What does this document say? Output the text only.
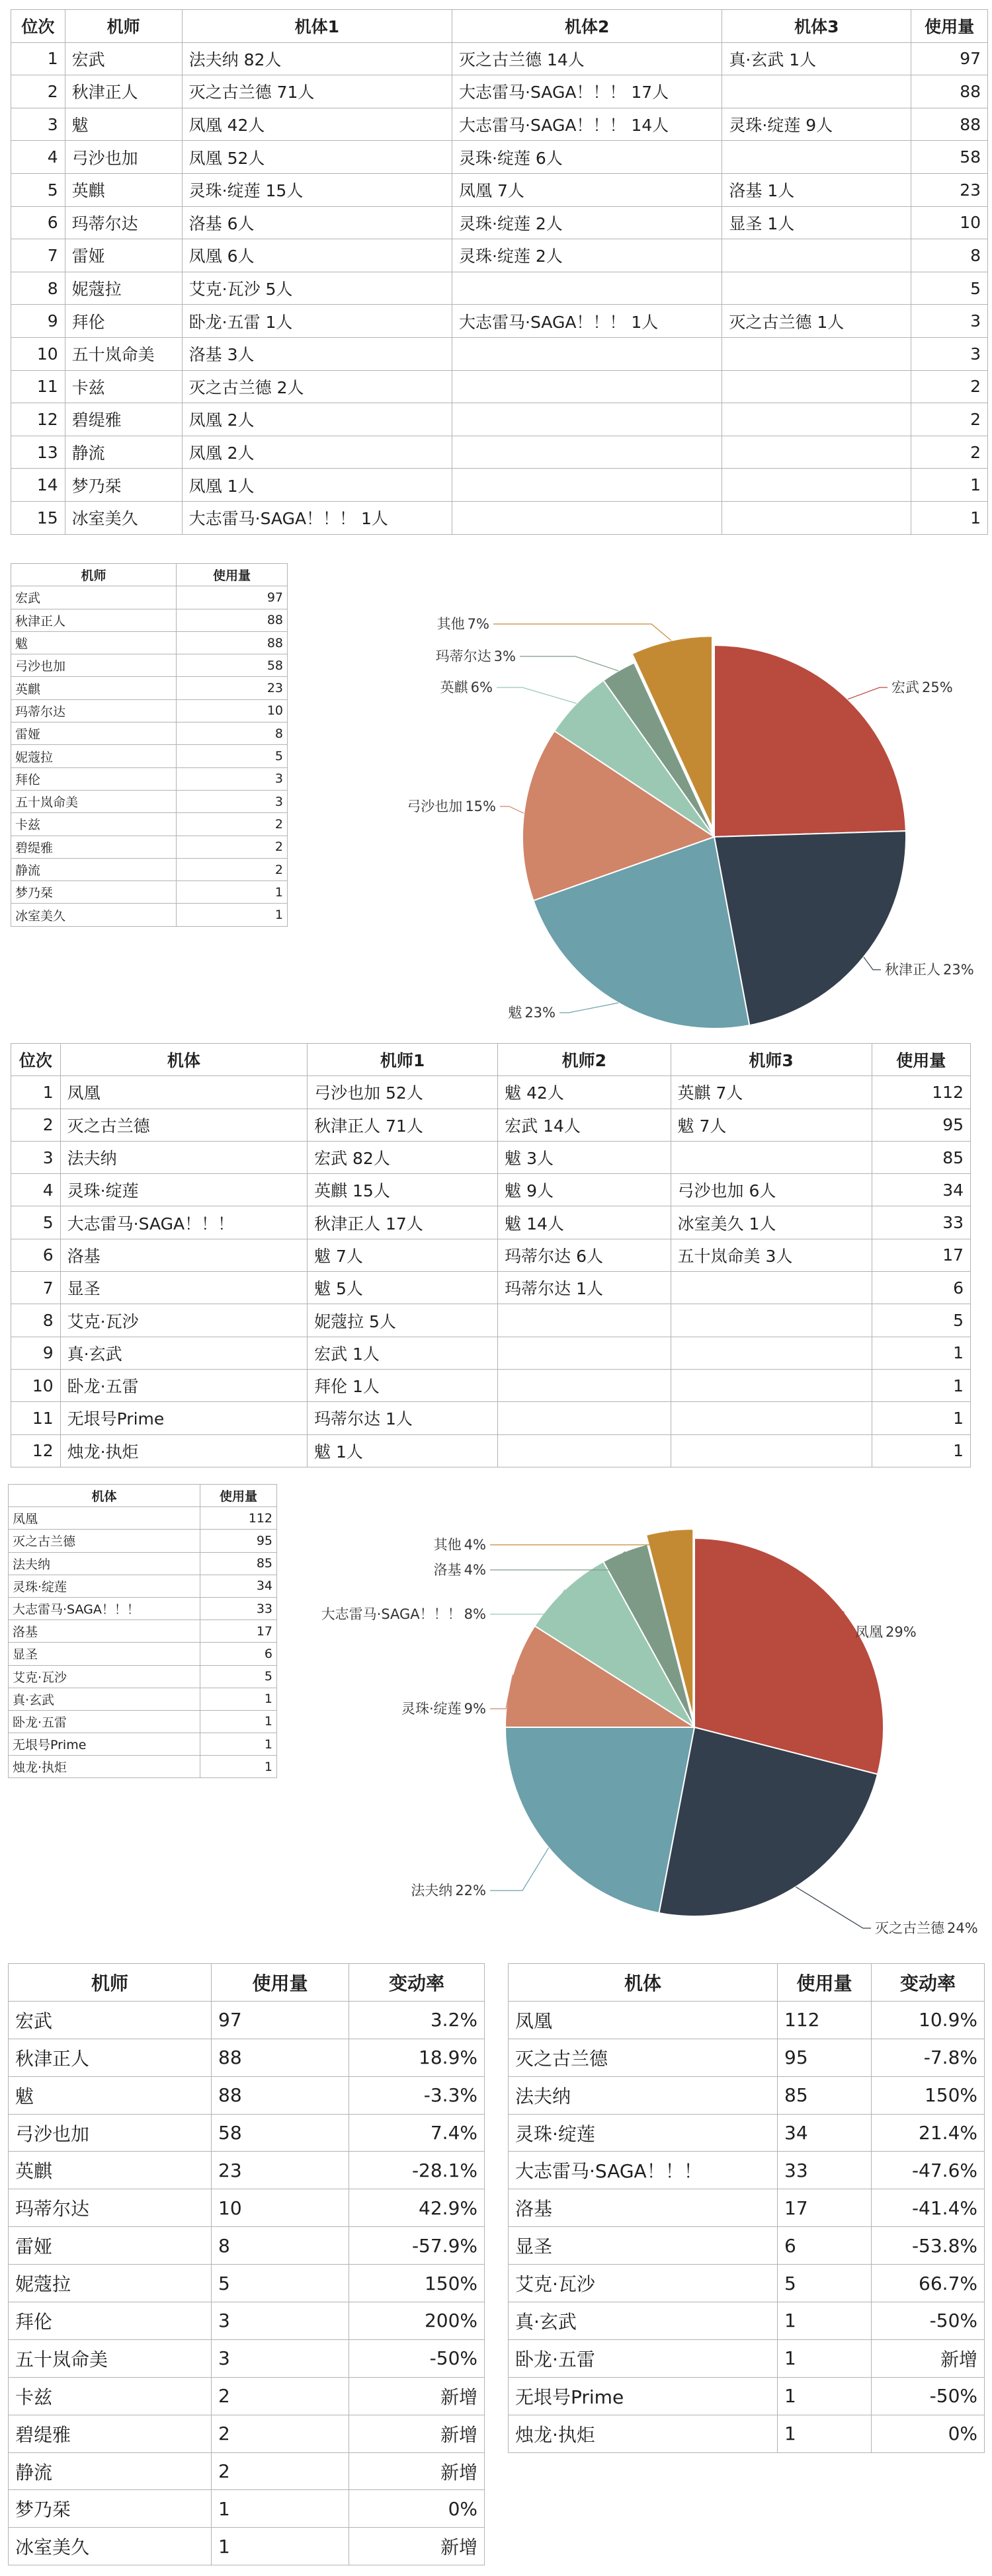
位次	机师	机体1	机体2	机体3	使用量
1	宏武	法夫纳 82人	灭之古兰德 14人	真·玄武 1人	97
2	秋津正人	灭之古兰德 71人	大志雷马·SAGA！！！ 17人		88
3	魃	凤凰 42人	大志雷马·SAGA！！！ 14人	灵珠·绽莲 9人	88
4	弓沙也加	凤凰 52人	灵珠·绽莲 6人		58
5	英麒	灵珠·绽莲 15人	凤凰 7人	洛基 1人	23
6	玛蒂尔达	洛基 6人	灵珠·绽莲 2人	显圣 1人	10
7	雷娅	凤凰 6人	灵珠·绽莲 2人		8
8	妮蔻拉	艾克·瓦沙 5人			5
9	拜伦	卧龙·五雷 1人	大志雷马·SAGA！！！ 1人	灭之古兰德 1人	3
10	五十岚命美	洛基 3人			3
11	卡兹	灭之古兰德 2人			2
12	碧缇雅	凤凰 2人			2
13	静流	凤凰 2人			2
14	梦乃栞	凤凰 1人			1
15	冰室美久	大志雷马·SAGA！！！ 1人			1
机师	使用量
宏武	97
秋津正人	88
魃	88
弓沙也加	58
英麒	23
玛蒂尔达	10
雷娅	8
妮蔻拉	5
拜伦	3
五十岚命美	3
卡兹	2
碧缇雅	2
静流	2
梦乃栞	1
冰室美久	1
宏武 25%
秋津正人 23%
魃 23%
弓沙也加 15%
英麒 6%
玛蒂尔达 3%
其他 7%
位次	机体	机师1	机师2	机师3	使用量
1	凤凰	弓沙也加 52人	魃 42人	英麒 7人	112
2	灭之古兰德	秋津正人 71人	宏武 14人	魃 7人	95
3	法夫纳	宏武 82人	魃 3人		85
4	灵珠·绽莲	英麒 15人	魃 9人	弓沙也加 6人	34
5	大志雷马·SAGA！！！	秋津正人 17人	魃 14人	冰室美久 1人	33
6	洛基	魃 7人	玛蒂尔达 6人	五十岚命美 3人	17
7	显圣	魃 5人	玛蒂尔达 1人		6
8	艾克·瓦沙	妮蔻拉 5人			5
9	真·玄武	宏武 1人			1
10	卧龙·五雷	拜伦 1人			1
11	无垠号Prime	玛蒂尔达 1人			1
12	烛龙·执炬	魃 1人			1
凤凰 29%
灭之古兰德 24%
法夫纳 22%
灵珠·绽莲 9%
大志雷马·SAGA！！！ 8%
洛基 4%
其他 4%
机体	使用量
凤凰	112
灭之古兰德	95
法夫纳	85
灵珠·绽莲	34
大志雷马·SAGA！！！	33
洛基	17
显圣	6
艾克·瓦沙	5
真·玄武	1
卧龙·五雷	1
无垠号Prime	1
烛龙·执炬	1
机师	使用量	变动率
宏武	97	3.2%
秋津正人	88	18.9%
魃	88	-3.3%
弓沙也加	58	7.4%
英麒	23	-28.1%
玛蒂尔达	10	42.9%
雷娅	8	-57.9%
妮蔻拉	5	150%
拜伦	3	200%
五十岚命美	3	-50%
卡兹	2	新增
碧缇雅	2	新增
静流	2	新增
梦乃栞	1	0%
冰室美久	1	新增
机体	使用量	变动率
凤凰	112	10.9%
灭之古兰德	95	-7.8%
法夫纳	85	150%
灵珠·绽莲	34	21.4%
大志雷马·SAGA！！！	33	-47.6%
洛基	17	-41.4%
显圣	6	-53.8%
艾克·瓦沙	5	66.7%
真·玄武	1	-50%
卧龙·五雷	1	新增
无垠号Prime	1	-50%
烛龙·执炬	1	0%
